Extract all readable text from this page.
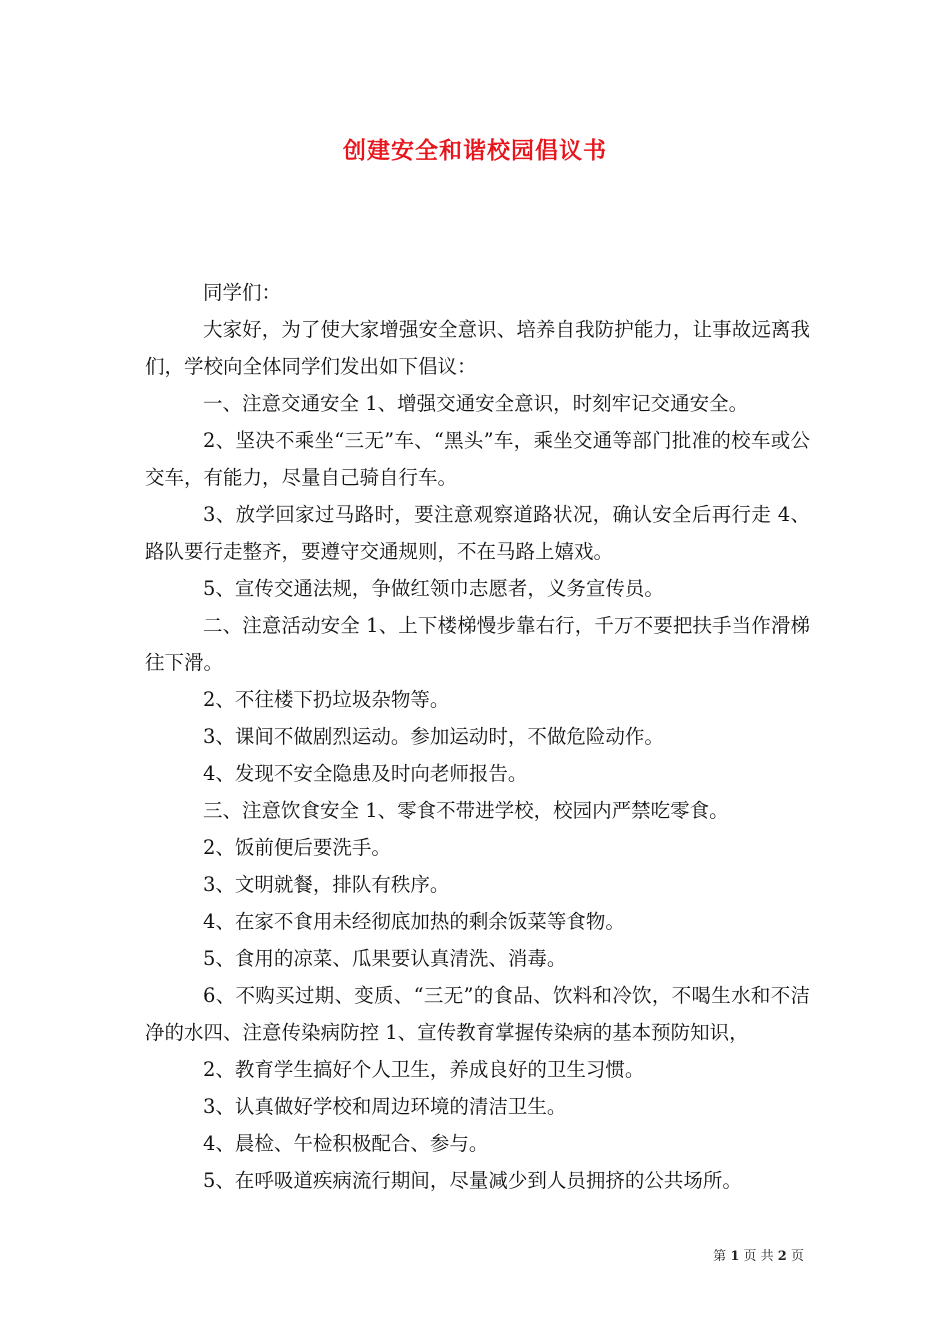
创建安全和谐校园倡议书

同学们：

大家好，为了使大家增强安全意识、培养自我防护能力，让事故远离我们，学校向全体同学们发出如下倡议：

一、注意交通安全 1、增强交通安全意识，时刻牢记交通安全。

2、坚决不乘坐“三无”车、“黑头”车，乘坐交通等部门批准的校车或公交车，有能力，尽量自己骑自行车。

3、放学回家过马路时，要注意观察道路状况，确认安全后再行走 4、路队要行走整齐，要遵守交通规则，不在马路上嬉戏。

5、宣传交通法规，争做红领巾志愿者，义务宣传员。

二、注意活动安全 1、上下楼梯慢步靠右行，千万不要把扶手当作滑梯往下滑。

2、不往楼下扔垃圾杂物等。

3、课间不做剧烈运动。参加运动时，不做危险动作。

4、发现不安全隐患及时向老师报告。

三、注意饮食安全 1、零食不带进学校，校园内严禁吃零食。

2、饭前便后要洗手。

3、文明就餐，排队有秩序。

4、在家不食用未经彻底加热的剩余饭菜等食物。

5、食用的凉菜、瓜果要认真清洗、消毒。

6、不购买过期、变质、“三无”的食品、饮料和冷饮，不喝生水和不洁净的水四、注意传染病防控 1、宣传教育掌握传染病的基本预防知识，

2、教育学生搞好个人卫生，养成良好的卫生习惯。

3、认真做好学校和周边环境的清洁卫生。

4、晨检、午检积极配合、参与。

5、在呼吸道疾病流行期间，尽量减少到人员拥挤的公共场所。

第 1 页 共 2 页
